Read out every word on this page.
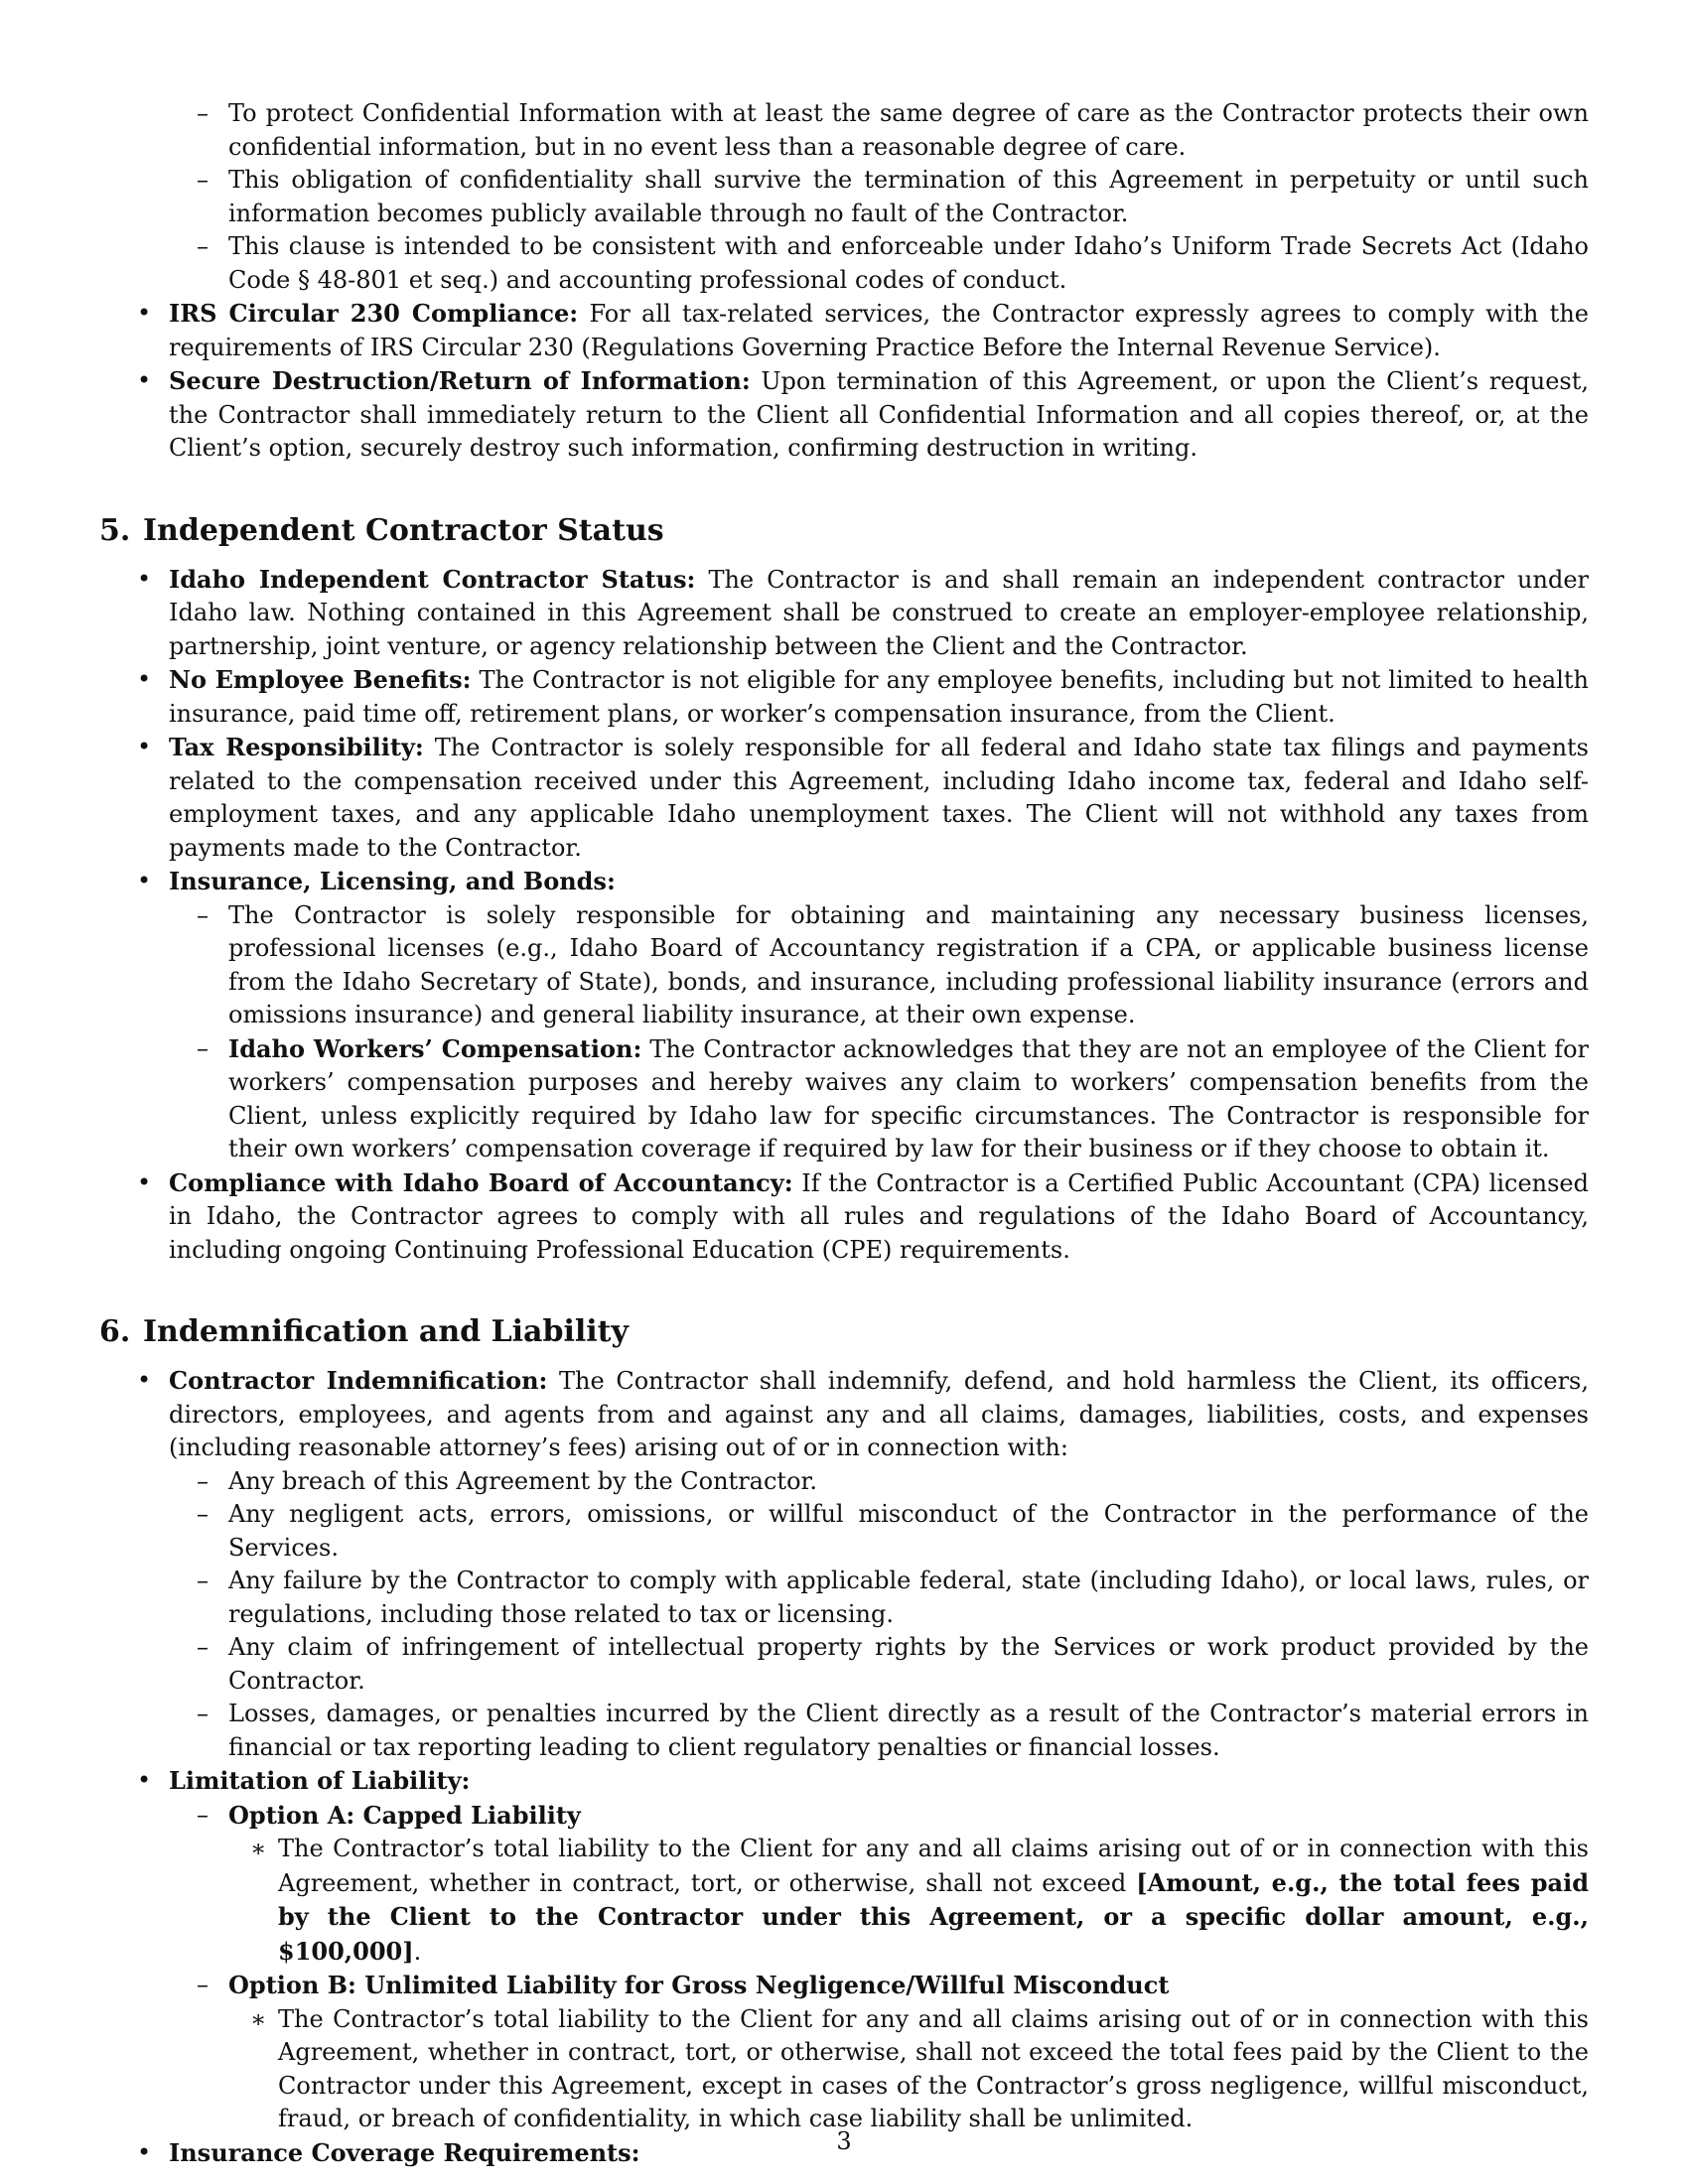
– To protect Confidential Information with at least the same degree of care as the Contractor protects their own confidential information, but in no event less than a reasonable degree of care.
– This obligation of confidentiality shall survive the termination of this Agreement in perpetuity or until such information becomes publicly available through no fault of the Contractor.
– This clause is intended to be consistent with and enforceable under Idaho’s Uniform Trade Secrets Act (Idaho Code § 48-801 et seq.) and accounting professional codes of conduct.
• IRS Circular 230 Compliance: For all tax-related services, the Contractor expressly agrees to comply with the requirements of IRS Circular 230 (Regulations Governing Practice Before the Internal Revenue Service).
• Secure Destruction/Return of Information: Upon termination of this Agreement, or upon the Client’s request, the Contractor shall immediately return to the Client all Confidential Information and all copies thereof, or, at the Client’s option, securely destroy such information, confirming destruction in writing.
5. Independent Contractor Status
• Idaho Independent Contractor Status: The Contractor is and shall remain an independent contractor under Idaho law. Nothing contained in this Agreement shall be construed to create an employer-employee relationship, partnership, joint venture, or agency relationship between the Client and the Contractor.
• No Employee Benefits: The Contractor is not eligible for any employee benefits, including but not limited to health insurance, paid time off, retirement plans, or worker’s compensation insurance, from the Client.
• Tax Responsibility: The Contractor is solely responsible for all federal and Idaho state tax filings and payments related to the compensation received under this Agreement, including Idaho income tax, federal and Idaho self-employment taxes, and any applicable Idaho unemployment taxes. The Client will not withhold any taxes from payments made to the Contractor.
• Insurance, Licensing, and Bonds:
– The Contractor is solely responsible for obtaining and maintaining any necessary business licenses, professional licenses (e.g., Idaho Board of Accountancy registration if a CPA, or applicable business license from the Idaho Secretary of State), bonds, and insurance, including professional liability insurance (errors and omissions insurance) and general liability insurance, at their own expense.
– Idaho Workers’ Compensation: The Contractor acknowledges that they are not an employee of the Client for workers’ compensation purposes and hereby waives any claim to workers’ compensation benefits from the Client, unless explicitly required by Idaho law for specific circumstances. The Contractor is responsible for their own workers’ compensation coverage if required by law for their business or if they choose to obtain it.
• Compliance with Idaho Board of Accountancy: If the Contractor is a Certified Public Accountant (CPA) licensed in Idaho, the Contractor agrees to comply with all rules and regulations of the Idaho Board of Accountancy, including ongoing Continuing Professional Education (CPE) requirements.
6. Indemnification and Liability
• Contractor Indemnification: The Contractor shall indemnify, defend, and hold harmless the Client, its officers, directors, employees, and agents from and against any and all claims, damages, liabilities, costs, and expenses (including reasonable attorney’s fees) arising out of or in connection with:
– Any breach of this Agreement by the Contractor.
– Any negligent acts, errors, omissions, or willful misconduct of the Contractor in the performance of the Services.
– Any failure by the Contractor to comply with applicable federal, state (including Idaho), or local laws, rules, or regulations, including those related to tax or licensing.
– Any claim of infringement of intellectual property rights by the Services or work product provided by the Contractor.
– Losses, damages, or penalties incurred by the Client directly as a result of the Contractor’s material errors in financial or tax reporting leading to client regulatory penalties or financial losses.
• Limitation of Liability:
– Option A: Capped Liability
∗ The Contractor’s total liability to the Client for any and all claims arising out of or in connection with this Agreement, whether in contract, tort, or otherwise, shall not exceed [Amount, e.g., the total fees paid by the Client to the Contractor under this Agreement, or a specific dollar amount, e.g., $100,000].
– Option B: Unlimited Liability for Gross Negligence/Willful Misconduct
∗ The Contractor’s total liability to the Client for any and all claims arising out of or in connection with this Agreement, whether in contract, tort, or otherwise, shall not exceed the total fees paid by the Client to the Contractor under this Agreement, except in cases of the Contractor’s gross negligence, willful misconduct, fraud, or breach of confidentiality, in which case liability shall be unlimited.
• Insurance Coverage Requirements:	3
